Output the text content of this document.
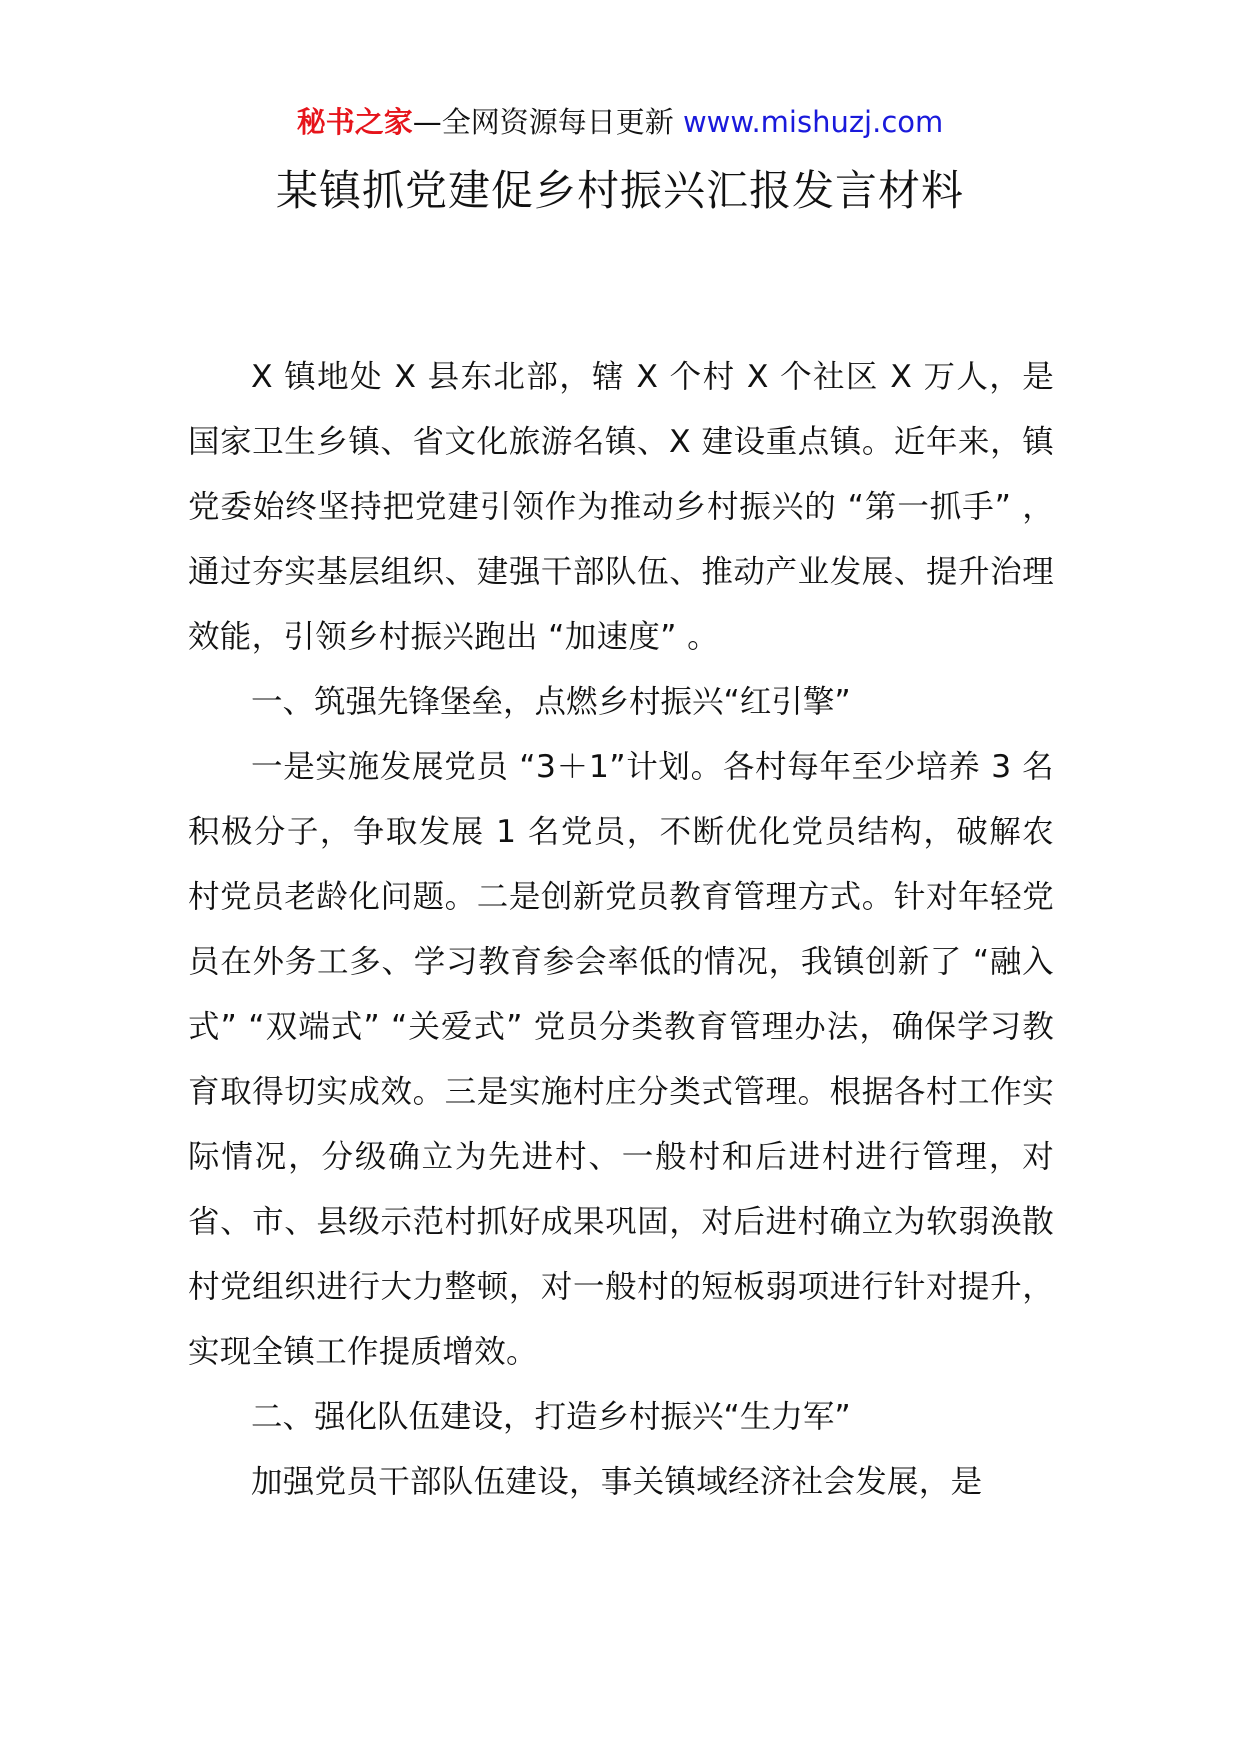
秘书之家—全网资源每日更新 www.mishuzj.com
某镇抓党建促乡村振兴汇报发言材料

X 镇地处 X 县东北部，辖 X 个村 X 个社区 X 万人，是国家卫生乡镇、省文化旅游名镇、X 建设重点镇。近年来，镇党委始终坚持把党建引领作为推动乡村振兴的 “第一抓手” ，通过夯实基层组织、建强干部队伍、推动产业发展、提升治理效能，引领乡村振兴跑出 “加速度” 。

一、筑强先锋堡垒，点燃乡村振兴“红引擎”

一是实施发展党员 “3＋1”计划。各村每年至少培养 3 名积极分子，争取发展 1 名党员，不断优化党员结构，破解农村党员老龄化问题。二是创新党员教育管理方式。针对年轻党员在外务工多、学习教育参会率低的情况，我镇创新了 “融入式” “双端式” “关爱式” 党员分类教育管理办法，确保学习教育取得切实成效。三是实施村庄分类式管理。根据各村工作实际情况，分级确立为先进村、一般村和后进村进行管理，对省、市、县级示范村抓好成果巩固，对后进村确立为软弱涣散村党组织进行大力整顿，对一般村的短板弱项进行针对提升，实现全镇工作提质增效。

二、强化队伍建设，打造乡村振兴“生力军”

加强党员干部队伍建设，事关镇域经济社会发展，是
